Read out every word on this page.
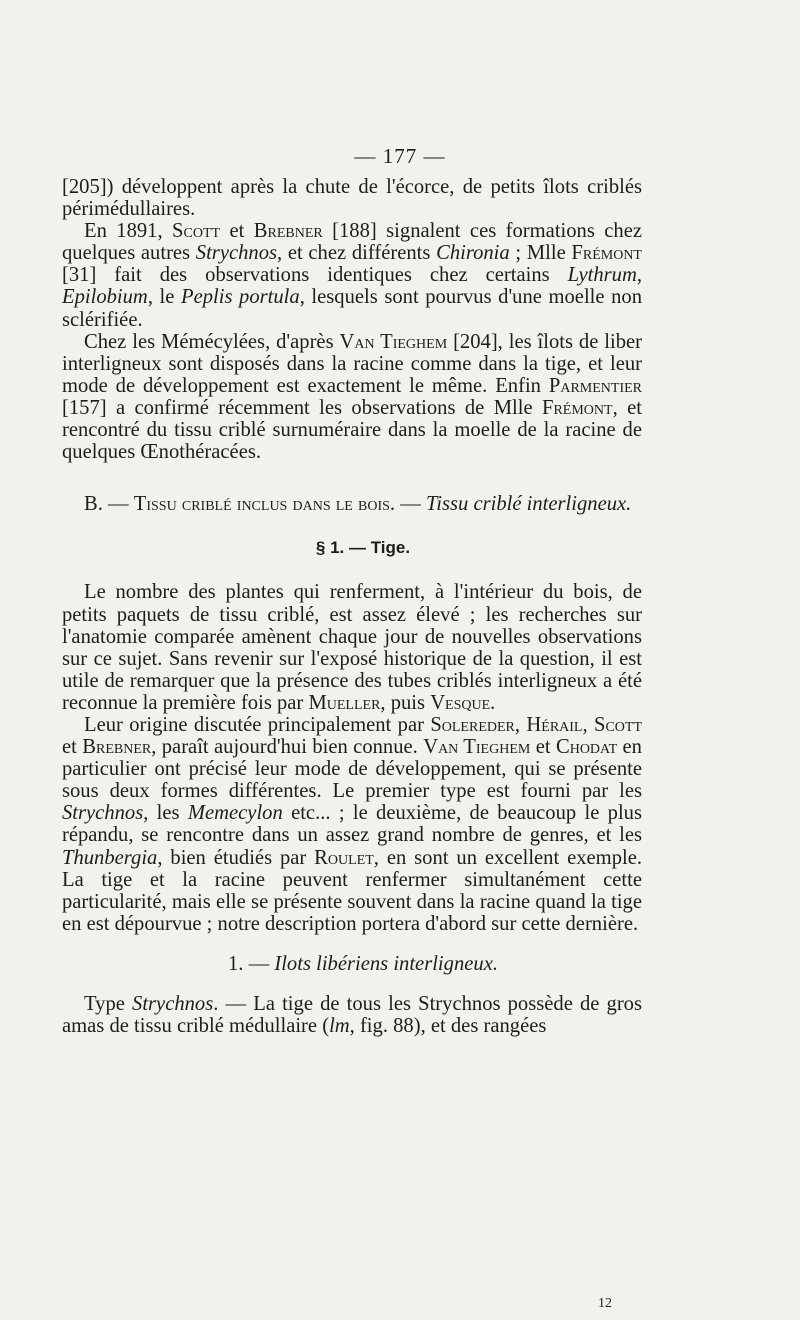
— 177 —

[205]) développent après la chute de l'écorce, de petits îlots criblés périmédullaires.

En 1891, Scott et Brebner [188] signalent ces formations chez quelques autres Strychnos, et chez différents Chironia ; Mlle Frémont [31] fait des observations identiques chez certains Lythrum, Epilobium, le Peplis portula, lesquels sont pourvus d'une moelle non sclérifiée.

Chez les Mémécylées, d'après Van Tieghem [204], les îlots de liber interligneux sont disposés dans la racine comme dans la tige, et leur mode de développement est exactement le même. Enfin Parmentier [157] a confirmé récemment les observations de Mlle Frémont, et rencontré du tissu criblé surnuméraire dans la moelle de la racine de quelques Œnothéracées.

B. — Tissu criblé inclus dans le bois. — Tissu criblé interligneux.

§ 1. — Tige.

Le nombre des plantes qui renferment, à l'intérieur du bois, de petits paquets de tissu criblé, est assez élevé ; les recherches sur l'anatomie comparée amènent chaque jour de nouvelles observations sur ce sujet. Sans revenir sur l'exposé historique de la question, il est utile de remarquer que la présence des tubes criblés interligneux a été reconnue la première fois par Mueller, puis Vesque.

Leur origine discutée principalement par Solereder, Hérail, Scott et Brebner, paraît aujourd'hui bien connue. Van Tieghem et Chodat en particulier ont précisé leur mode de développement, qui se présente sous deux formes différentes. Le premier type est fourni par les Strychnos, les Memecylon etc... ; le deuxième, de beaucoup le plus répandu, se rencontre dans un assez grand nombre de genres, et les Thunbergia, bien étudiés par Roulet, en sont un excellent exemple. La tige et la racine peuvent renfermer simultanément cette particularité, mais elle se présente souvent dans la racine quand la tige en est dépourvue ; notre description portera d'abord sur cette dernière.

1. — Ilots libériens interligneux.

Type Strychnos. — La tige de tous les Strychnos possède de gros amas de tissu criblé médullaire (lm, fig. 88), et des rangées

12
